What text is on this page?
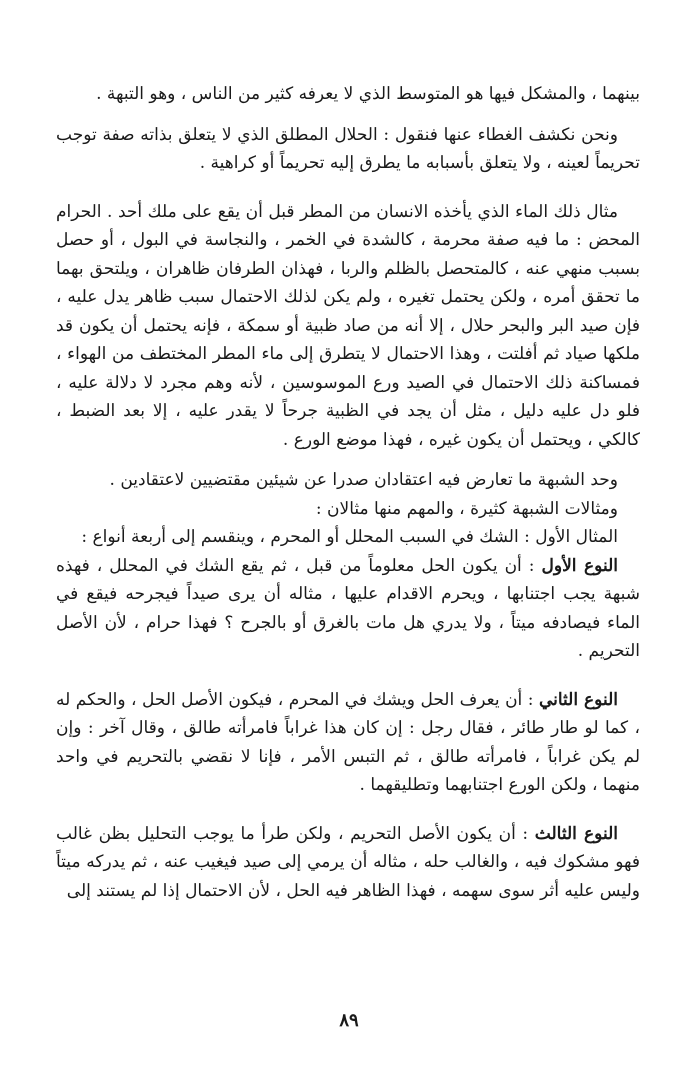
بينهما ، والمشكل فيها هو المتوسط الذي لا يعرفه كثير من الناس ، وهو التبهة .

ونحن نكشف الغطاء عنها فنقول : الحلال المطلق الذي لا يتعلق بذاته صفة توجب تحريماً لعينه ، ولا يتعلق بأسبابه ما يطرق إليه تحريماً أو كراهية .

مثال ذلك الماء الذي يأخذه الانسان من المطر قبل أن يقع على ملك أحد . الحرام المحض : ما فيه صفة محرمة ، كالشدة في الخمر ، والنجاسة في البول ، أو حصل بسبب منهي عنه ، كالمتحصل بالظلم والربا ، فهذان الطرفان ظاهران ، ويلتحق بهما ما تحقق أمره ، ولكن يحتمل تغيره ، ولم يكن لذلك الاحتمال سبب ظاهر يدل عليه ، فإن صيد البر والبحر حلال ، إلا أنه من صاد ظبية أو سمكة ، فإنه يحتمل أن يكون قد ملكها صياد ثم أفلتت ، وهذا الاحتمال لا يتطرق إلى ماء المطر المختطف من الهواء ، فمساكنة ذلك الاحتمال في الصيد ورع الموسوسين ، لأنه وهم مجرد لا دلالة عليه ، فلو دل عليه دليل ، مثل أن يجد في الظبية جرحاً لا يقدر عليه ، إلا بعد الضبط ، كالكي ، ويحتمل أن يكون غيره ، فهذا موضع الورع .

وحد الشبهة ما تعارض فيه اعتقادان صدرا عن شيئين مقتضيين لاعتقادين .

ومثالات الشبهة كثيرة ، والمهم منها مثالان :

المثال الأول : الشك في السبب المحلل أو المحرم ، وينقسم إلى أربعة أنواع :

النوع الأول : أن يكون الحل معلوماً من قبل ، ثم يقع الشك في المحلل ، فهذه شبهة يجب اجتنابها ، ويحرم الاقدام عليها ، مثاله أن يرى صيداً فيجرحه فيقع في الماء فيصادفه ميتاً ، ولا يدري هل مات بالغرق أو بالجرح ؟ فهذا حرام ، لأن الأصل التحريم .

النوع الثاني : أن يعرف الحل ويشك في المحرم ، فيكون الأصل الحل ، والحكم له ، كما لو طار طائر ، فقال رجل : إن كان هذا غراباً فامرأته طالق ، وقال آخر : وإن لم يكن غراباً ، فامرأته طالق ، ثم التبس الأمر ، فإنا لا نقضي بالتحريم في واحد منهما ، ولكن الورع اجتنابهما وتطليقهما .

النوع الثالث : أن يكون الأصل التحريم ، ولكن طرأ ما يوجب التحليل بظن غالب فهو مشكوك فيه ، والغالب حله ، مثاله أن يرمي إلى صيد فيغيب عنه ، ثم يدركه ميتاً وليس عليه أثر سوى سهمه ، فهذا الظاهر فيه الحل ، لأن الاحتمال إذا لم يستند إلى

٨٩
